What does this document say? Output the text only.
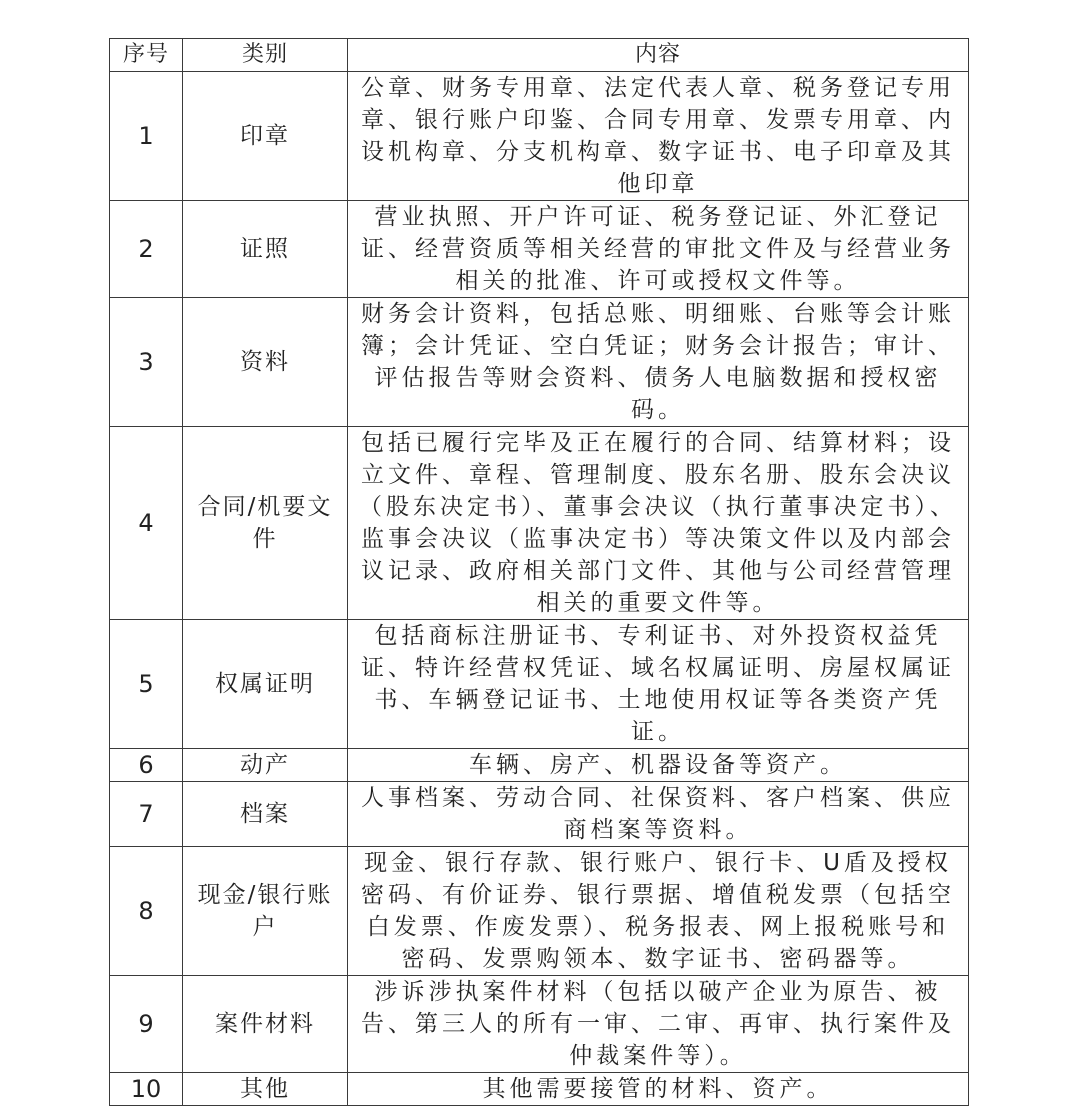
序号	类别	内容
1	印章	公章、财务专用章、法定代表人章、税务登记专用章、银行账户印鉴、合同专用章、发票专用章、内设机构章、分支机构章、数字证书、电子印章及其他印章
2	证照	营业执照、开户许可证、税务登记证、外汇登记证、经营资质等相关经营的审批文件及与经营业务相关的批准、许可或授权文件等。
3	资料	财务会计资料，包括总账、明细账、台账等会计账簿；会计凭证、空白凭证；财务会计报告；审计、评估报告等财会资料、债务人电脑数据和授权密码。
4	合同/机要文件	包括已履行完毕及正在履行的合同、结算材料；设立文件、章程、管理制度、股东名册、股东会决议（股东决定书）、董事会决议（执行董事决定书）、监事会决议（监事决定书）等决策文件以及内部会议记录、政府相关部门文件、其他与公司经营管理相关的重要文件等。
5	权属证明	包括商标注册证书、专利证书、对外投资权益凭证、特许经营权凭证、域名权属证明、房屋权属证书、车辆登记证书、土地使用权证等各类资产凭证。
6	动产	车辆、房产、机器设备等资产。
7	档案	人事档案、劳动合同、社保资料、客户档案、供应商档案等资料。
8	现金/银行账户	现金、银行存款、银行账户、银行卡、U盾及授权密码、有价证券、银行票据、增值税发票（包括空白发票、作废发票）、税务报表、网上报税账号和密码、发票购领本、数字证书、密码器等。
9	案件材料	涉诉涉执案件材料（包括以破产企业为原告、被告、第三人的所有一审、二审、再审、执行案件及仲裁案件等）。
10	其他	其他需要接管的材料、资产。
